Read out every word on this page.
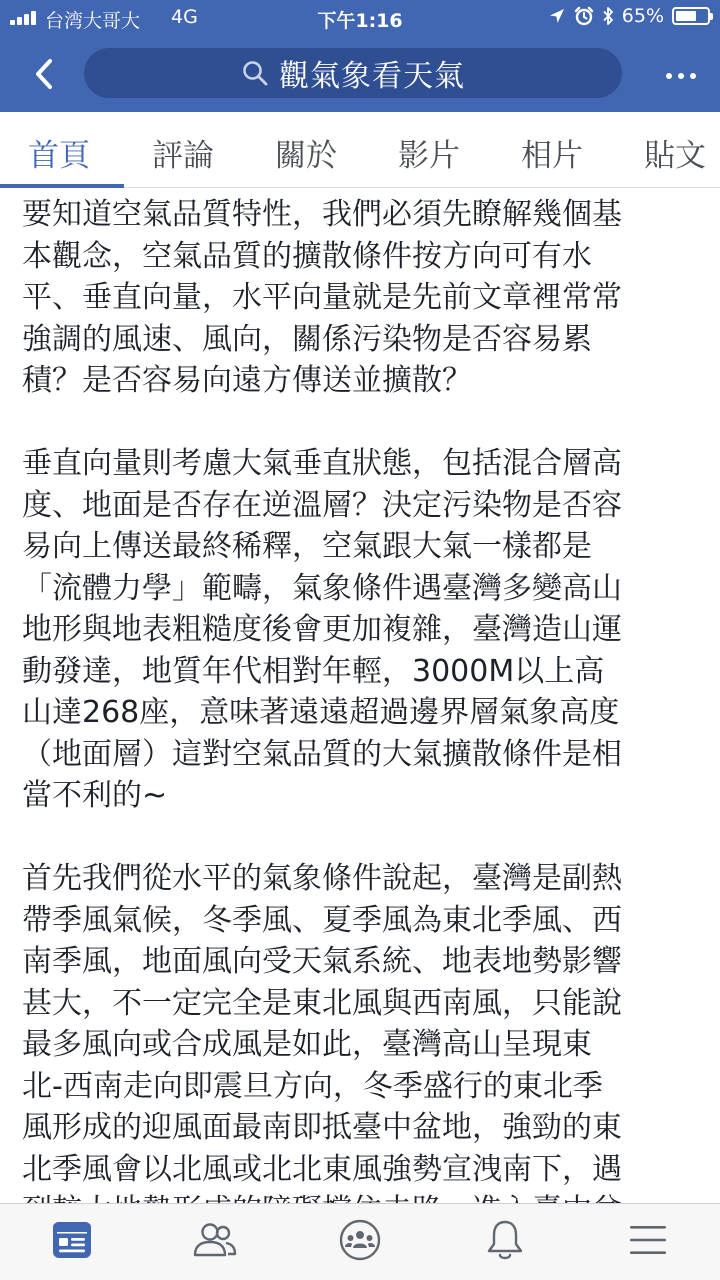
台湾大哥大 4G	下午1:16	65%
觀氣象看天氣
首頁 評論 關於 影片 相片 貼文

要知道空氣品質特性，我們必須先瞭解幾個基
本觀念，空氣品質的擴散條件按方向可有水
平、垂直向量，水平向量就是先前文章裡常常
強調的風速、風向，關係污染物是否容易累
積？是否容易向遠方傳送並擴散？

垂直向量則考慮大氣垂直狀態，包括混合層高
度、地面是否存在逆溫層？決定污染物是否容
易向上傳送最終稀釋，空氣跟大氣一樣都是
「流體力學」範疇，氣象條件遇臺灣多變高山
地形與地表粗糙度後會更加複雜，臺灣造山運
動發達，地質年代相對年輕，3000M以上高
山達268座，意味著遠遠超過邊界層氣象高度
（地面層）這對空氣品質的大氣擴散條件是相
當不利的~

首先我們從水平的氣象條件說起，臺灣是副熱
帶季風氣候，冬季風、夏季風為東北季風、西
南季風，地面風向受天氣系統、地表地勢影響
甚大，不一定完全是東北風與西南風，只能說
最多風向或合成風是如此，臺灣高山呈現東
北-西南走向即震旦方向，冬季盛行的東北季
風形成的迎風面最南即抵臺中盆地，強勁的東
北季風會以北風或北北東風強勢宣洩南下，遇
